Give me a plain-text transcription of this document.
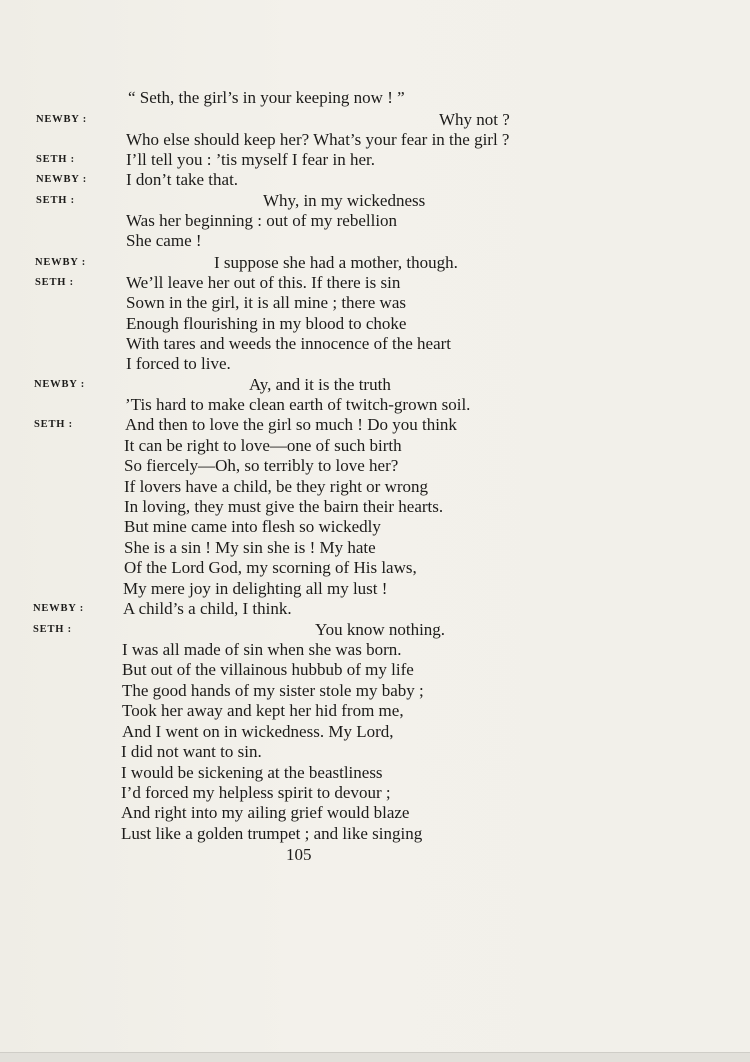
“ Seth, the girl’s in your keeping now ! ”
Why not ?
Who else should keep her? What’s your fear in the girl ?
I’ll tell you : ’tis myself I fear in her.
I don’t take that.
Why, in my wickedness
Was her beginning : out of my rebellion
She came !
I suppose she had a mother, though.
We’ll leave her out of this. If there is sin
Sown in the girl, it is all mine ; there was
Enough flourishing in my blood to choke
With tares and weeds the innocence of the heart
I forced to live.
Ay, and it is the truth
’Tis hard to make clean earth of twitch-grown soil.
And then to love the girl so much ! Do you think
It can be right to love—one of such birth
So fiercely—Oh, so terribly to love her?
If lovers have a child, be they right or wrong
In loving, they must give the bairn their hearts.
But mine came into flesh so wickedly
She is a sin ! My sin she is ! My hate
Of the Lord God, my scorning of His laws,
My mere joy in delighting all my lust !
A child’s a child, I think.
You know nothing.
I was all made of sin when she was born.
But out of the villainous hubbub of my life
The good hands of my sister stole my baby ;
Took her away and kept her hid from me,
And I went on in wickedness. My Lord,
I did not want to sin.
I would be sickening at the beastliness
I’d forced my helpless spirit to devour ;
And right into my ailing grief would blaze
Lust like a golden trumpet ; and like singing
NEWBY :
SETH :
NEWBY :
SETH :
NEWBY :
SETH :
NEWBY :
SETH :
NEWBY :
SETH :
105
